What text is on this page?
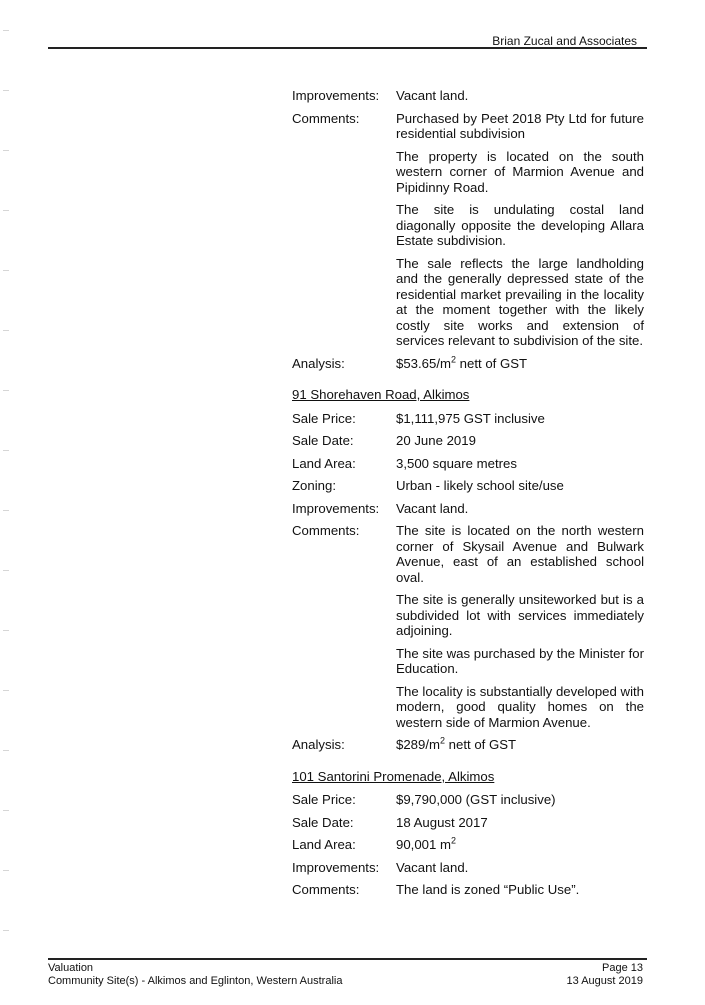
Brian Zucal and Associates
Improvements:	Vacant land.
Comments:	Purchased by Peet 2018 Pty Ltd for future residential subdivision

The property is located on the south western corner of Marmion Avenue and Pipidinny Road.

The site is undulating costal land diagonally opposite the developing Allara Estate subdivision.

The sale reflects the large landholding and the generally depressed state of the residential market prevailing in the locality at the moment together with the likely costly site works and extension of services relevant to subdivision of the site.

Analysis:	$\$53.65/m^2$ nett of GST
91 Shorehaven Road, Alkimos
Sale Price:	$1,111,975 GST inclusive
Sale Date:	20 June 2019
Land Area:	3,500 square metres
Zoning:	Urban - likely school site/use
Improvements:	Vacant land.
Comments:	The site is located on the north western corner of Skysail Avenue and Bulwark Avenue, east of an established school oval.

The site is generally unsiteworked but is a subdivided lot with services immediately adjoining.

The site was purchased by the Minister for Education.

The locality is substantially developed with modern, good quality homes on the western side of Marmion Avenue.

Analysis:	$\$289/m^2$ nett of GST
101 Santorini Promenade, Alkimos
Sale Price:	$9,790,000 (GST inclusive)
Sale Date:	18 August 2017
Land Area:	90,001 $m^2$
Improvements:	Vacant land.
Comments:	The land is zoned “Public Use”.
Valuation
Community Site(s) - Alkimos and Eglinton, Western Australia
Page 13
13 August 2019
